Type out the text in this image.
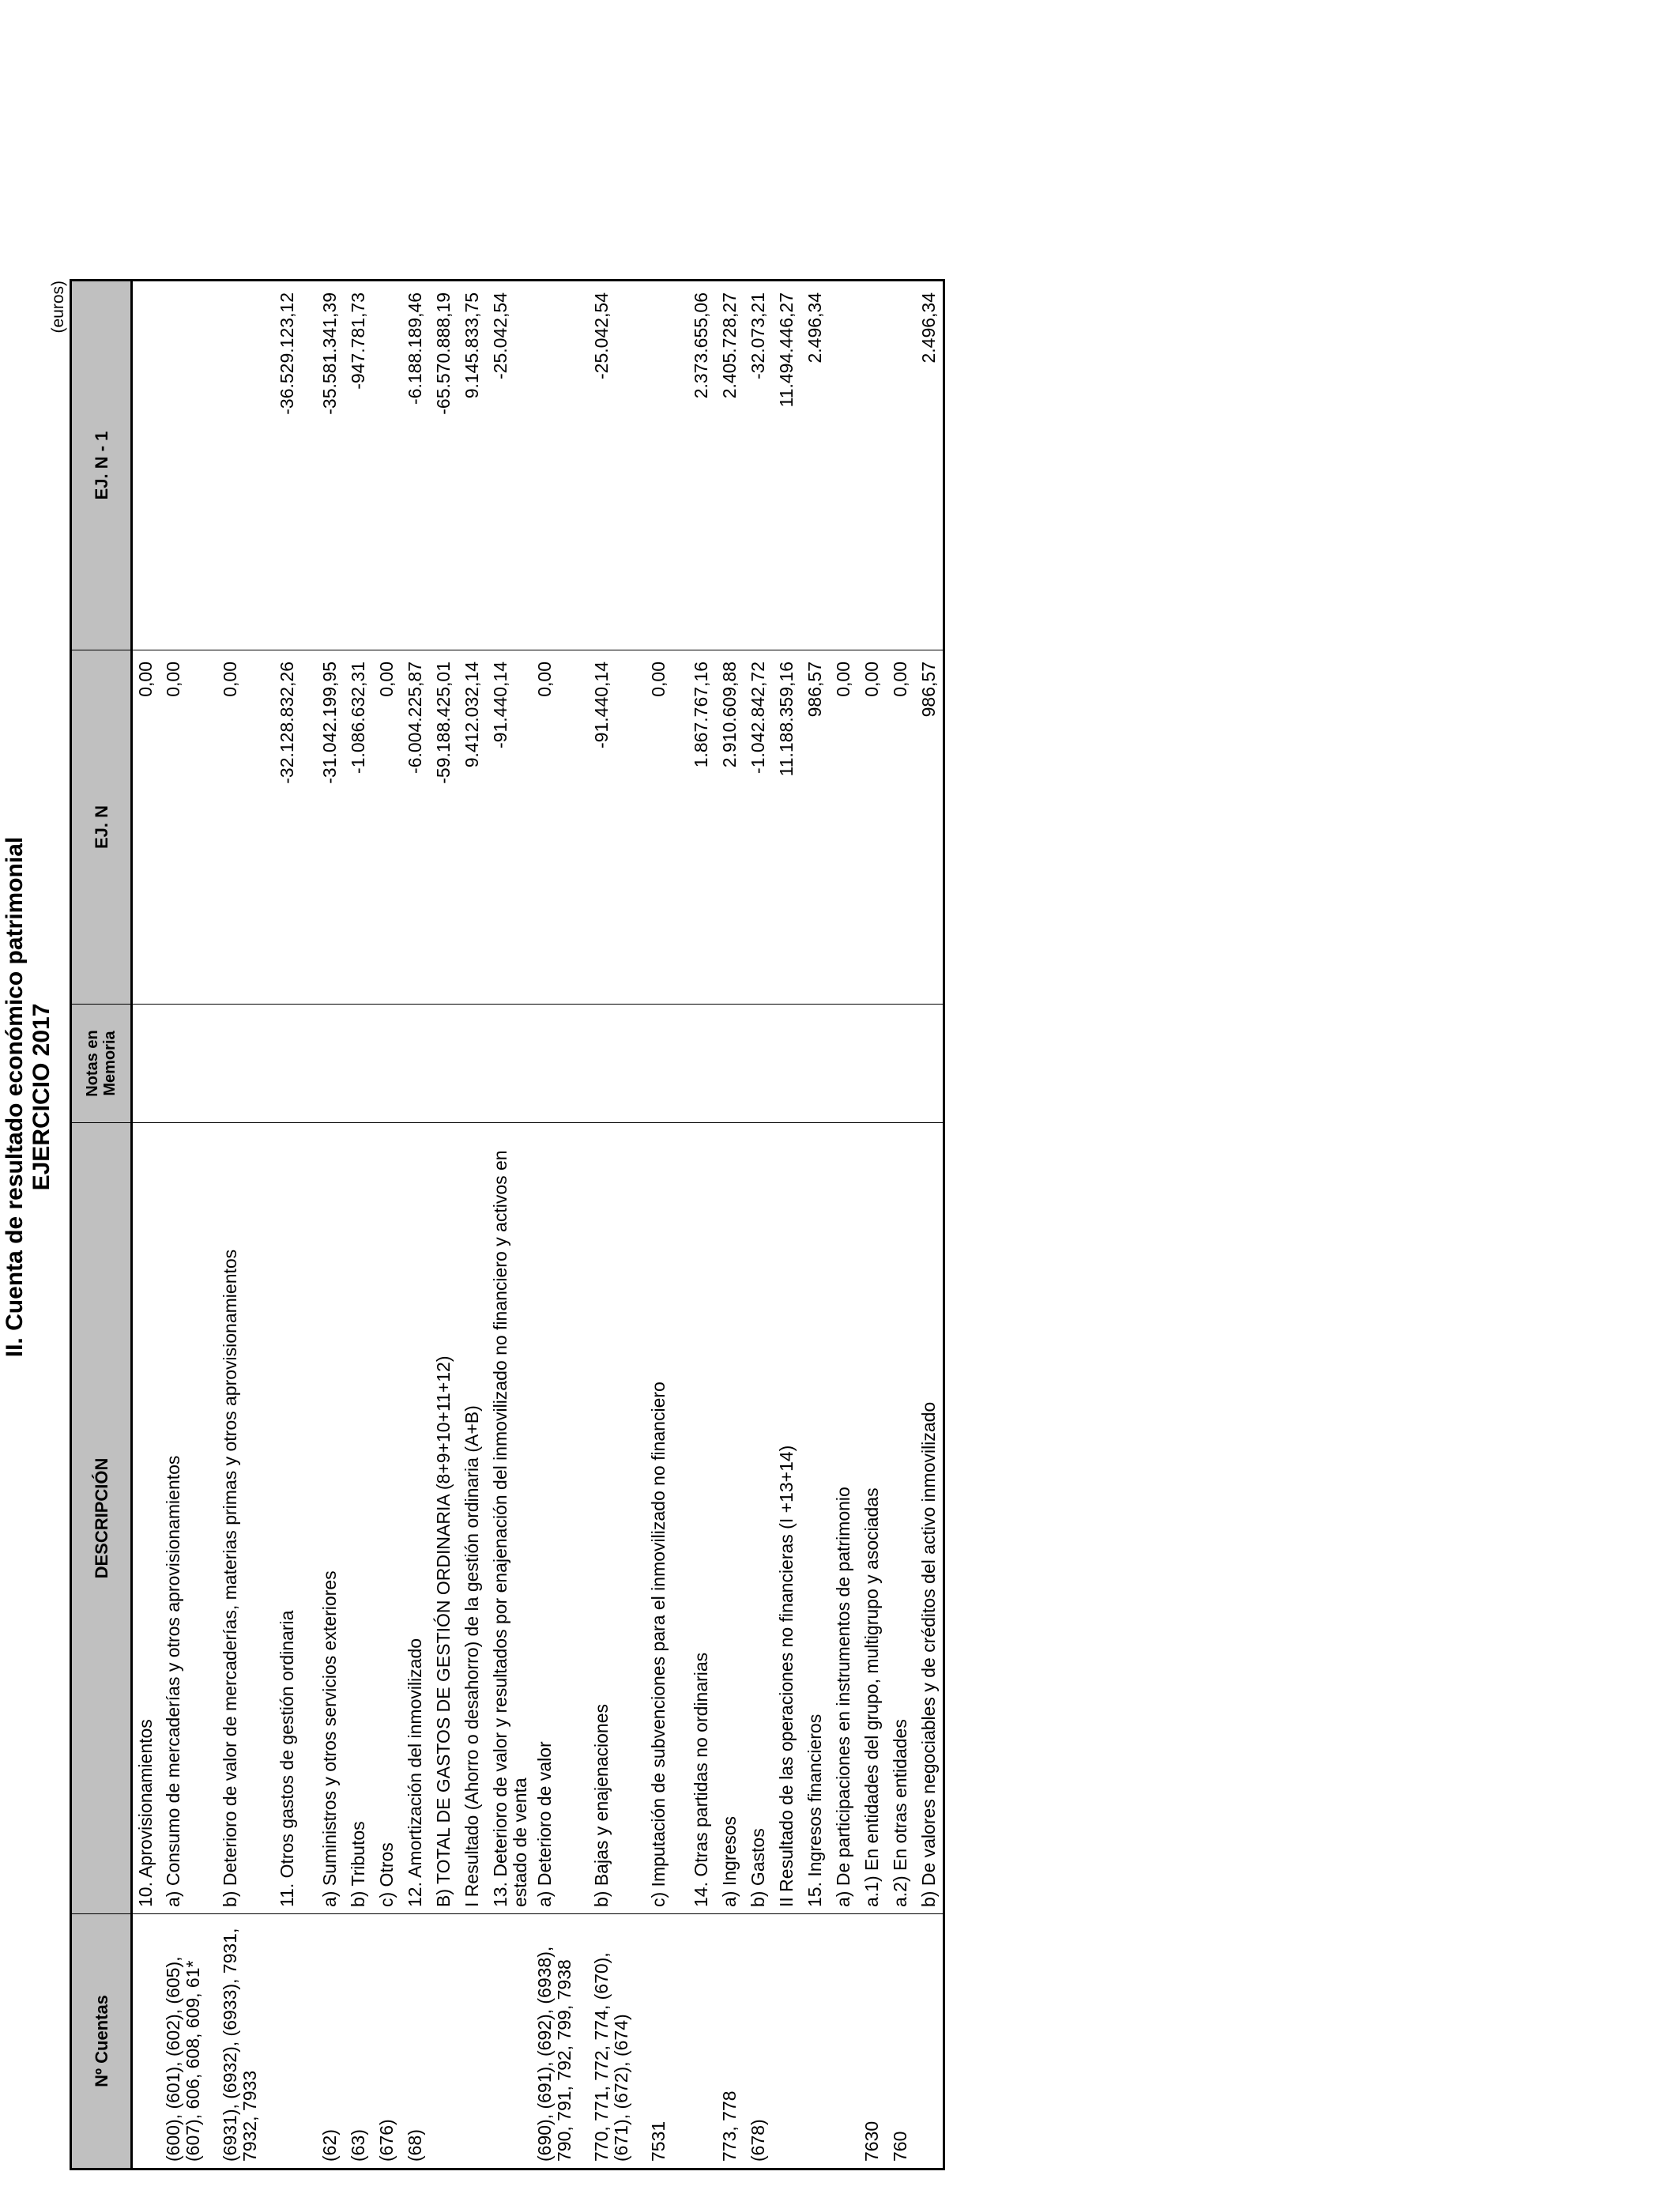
II. Cuenta de resultado económico patrimonial EJERCICIO 2017
(euros)
Nº Cuentas	DESCRIPCIÓN	Notas en Memoria	EJ. N	EJ. N - 1
	10. Aprovisionamientos		0,00	
(600), (601), (602), (605), (607), 606, 608, 609, 61*	a) Consumo de mercaderías y otros aprovisionamientos		0,00	
(6931), (6932), (6933), 7931, 7932, 7933	b) Deterioro de valor de mercaderías, materias primas y otros aprovisionamientos		0,00	
	11. Otros gastos de gestión ordinaria		-32.128.832,26	-36.529.123,12
(62)	a) Suministros y otros servicios exteriores		-31.042.199,95	-35.581.341,39
(63)	b) Tributos		-1.086.632,31	-947.781,73
(676)	c) Otros		0,00	
(68)	12. Amortización del inmovilizado		-6.004.225,87	-6.188.189,46
	B) TOTAL DE GASTOS DE GESTIÓN ORDINARIA (8+9+10+11+12)		-59.188.425,01	-65.570.888,19
	I Resultado (Ahorro o desahorro) de la gestión ordinaria (A+B)		9.412.032,14	9.145.833,75
	13. Deterioro de valor y resultados por enajenación del inmovilizado no financiero y activos en estado de venta		-91.440,14	-25.042,54
(690), (691), (692), (6938), 790, 791, 792, 799, 7938	a) Deterioro de valor		0,00	
770, 771, 772, 774, (670), (671), (672), (674)	b) Bajas y enajenaciones		-91.440,14	-25.042,54
7531	c) Imputación de subvenciones para el inmovilizado no financiero		0,00	
	14. Otras partidas no ordinarias		1.867.767,16	2.373.655,06
773, 778	a) Ingresos		2.910.609,88	2.405.728,27
(678)	b) Gastos		-1.042.842,72	-32.073,21
	II Resultado de las operaciones no financieras (I +13+14)		11.188.359,16	11.494.446,27
	15. Ingresos financieros		986,57	2.496,34
	a) De participaciones en instrumentos de patrimonio		0,00	
7630	a.1) En entidades del grupo, multigrupo y asociadas		0,00	
760	a.2) En otras entidades		0,00	
	b) De valores negociables y de créditos del activo inmovilizado		986,57	2.496,34
